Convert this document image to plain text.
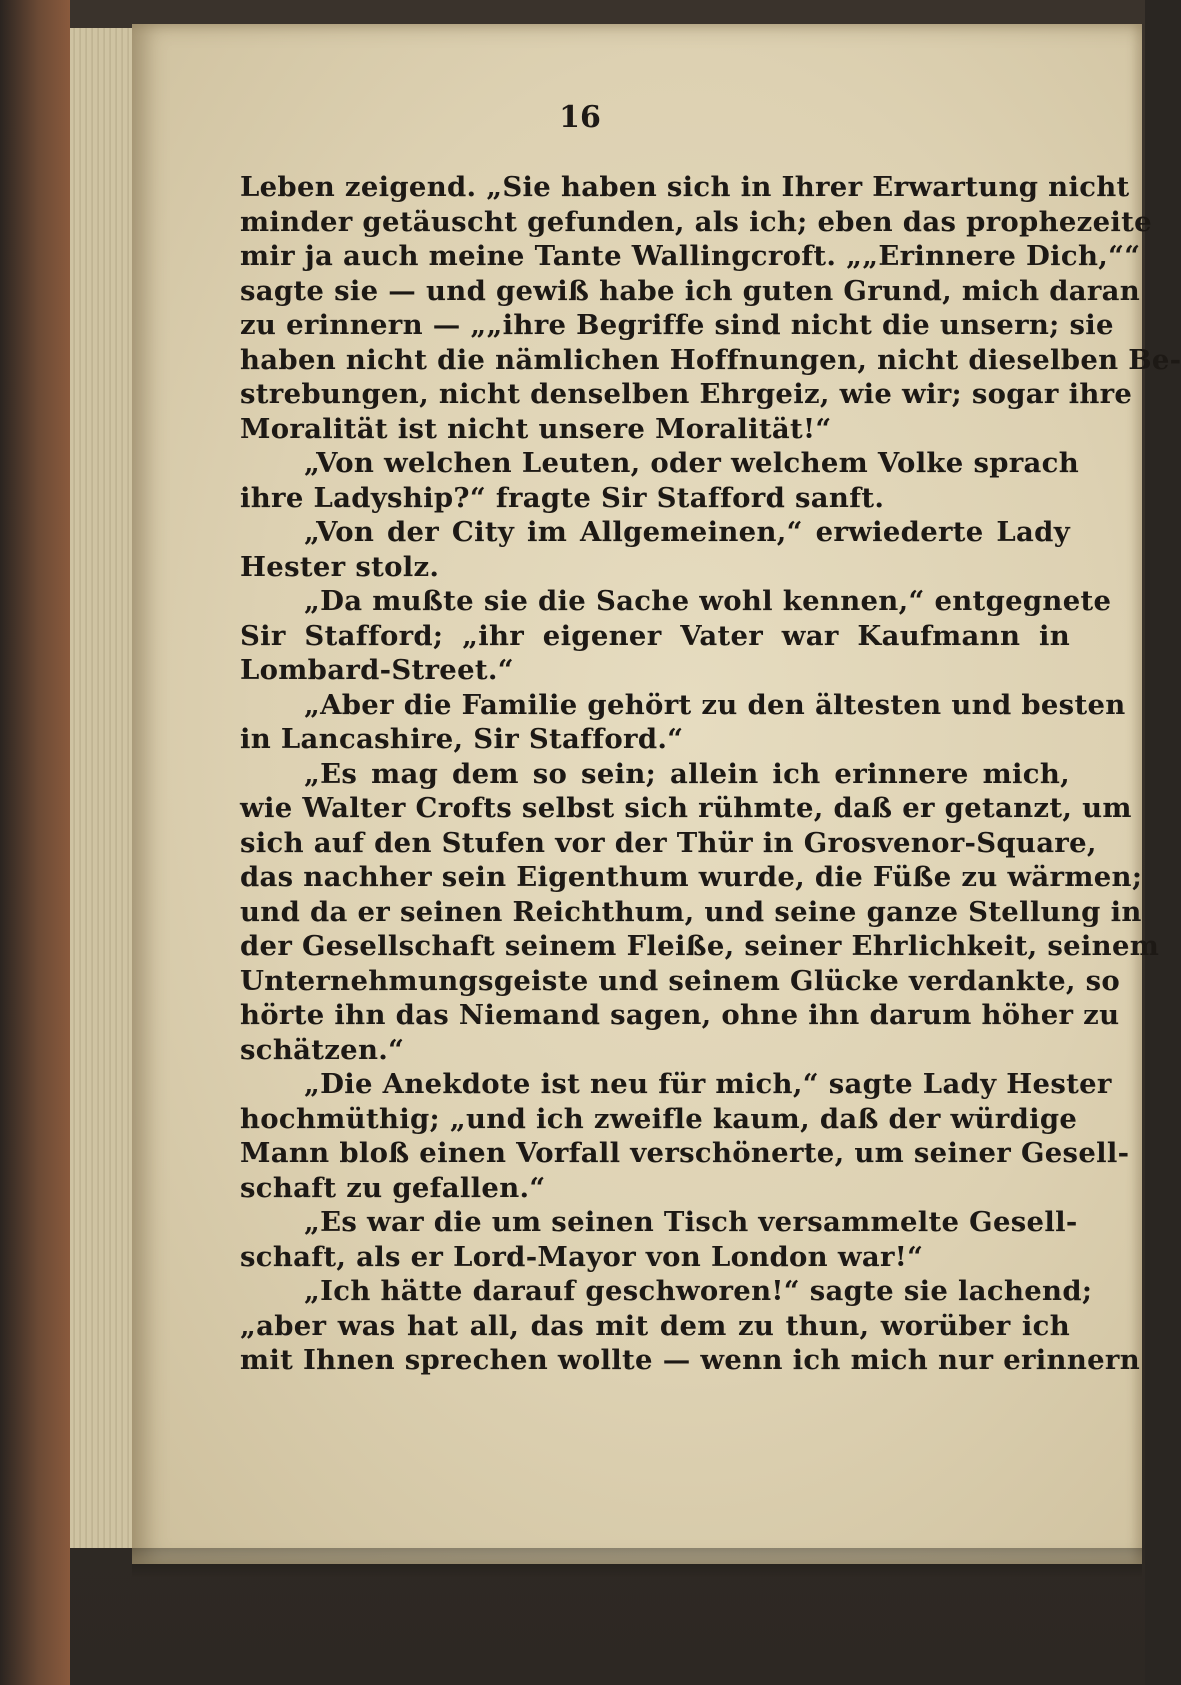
16
Leben zeigend. „Sie haben sich in Ihrer Erwartung nicht
minder getäuscht gefunden, als ich; eben das prophezeite
mir ja auch meine Tante Wallingcroft. „„Erinnere Dich,““
sagte sie — und gewiß habe ich guten Grund, mich daran
zu erinnern — „„ihre Begriffe sind nicht die unsern; sie
haben nicht die nämlichen Hoffnungen, nicht dieselben Be-
strebungen, nicht denselben Ehrgeiz, wie wir; sogar ihre
Moralität ist nicht unsere Moralität!“
„Von welchen Leuten, oder welchem Volke sprach
ihre Ladyship?“ fragte Sir Stafford sanft.
„Von der City im Allgemeinen,“ erwiederte Lady
Hester stolz.
„Da mußte sie die Sache wohl kennen,“ entgegnete
Sir Stafford; „ihr eigener Vater war Kaufmann in
Lombard-Street.“
„Aber die Familie gehört zu den ältesten und besten
in Lancashire, Sir Stafford.“
„Es mag dem so sein; allein ich erinnere mich,
wie Walter Crofts selbst sich rühmte, daß er getanzt, um
sich auf den Stufen vor der Thür in Grosvenor-Square,
das nachher sein Eigenthum wurde, die Füße zu wärmen;
und da er seinen Reichthum, und seine ganze Stellung in
der Gesellschaft seinem Fleiße, seiner Ehrlichkeit, seinem
Unternehmungsgeiste und seinem Glücke verdankte, so
hörte ihn das Niemand sagen, ohne ihn darum höher zu
schätzen.“
„Die Anekdote ist neu für mich,“ sagte Lady Hester
hochmüthig; „und ich zweifle kaum, daß der würdige
Mann bloß einen Vorfall verschönerte, um seiner Gesell-
schaft zu gefallen.“
„Es war die um seinen Tisch versammelte Gesell-
schaft, als er Lord-Mayor von London war!“
„Ich hätte darauf geschworen!“ sagte sie lachend;
„aber was hat all, das mit dem zu thun, worüber ich
mit Ihnen sprechen wollte — wenn ich mich nur erinnern
